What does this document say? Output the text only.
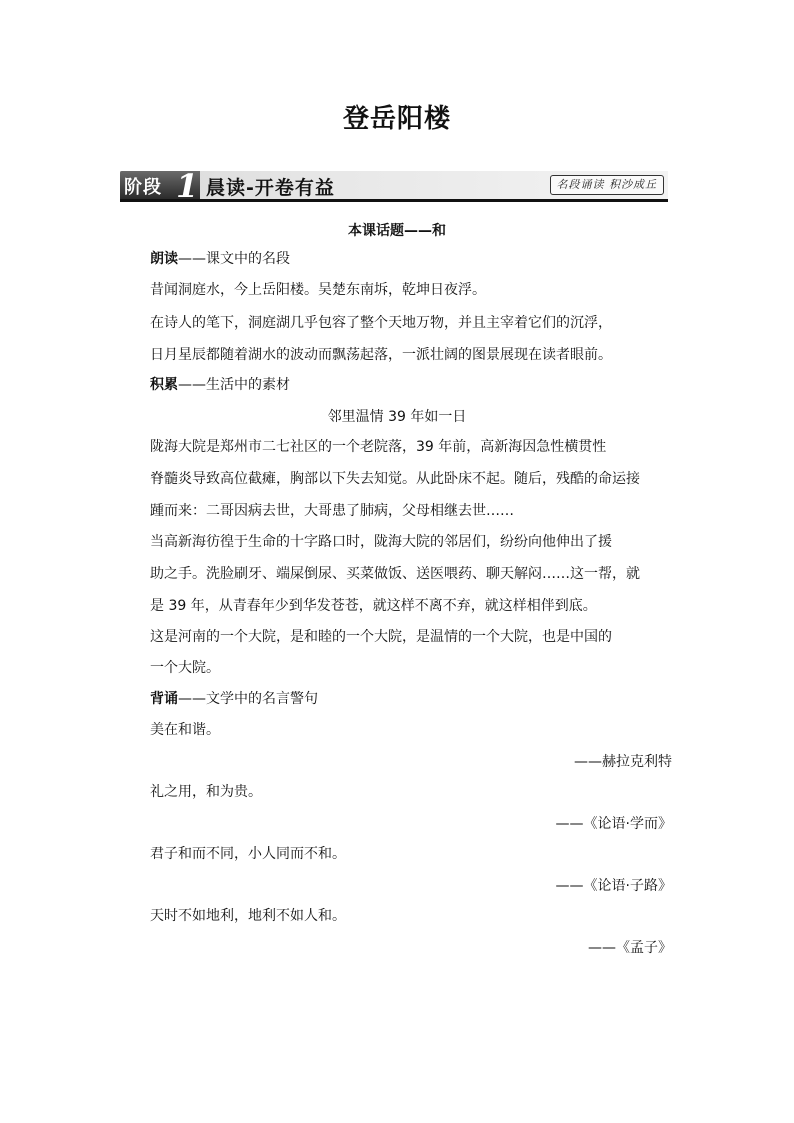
登岳阳楼
阶段 1 晨读-开卷有益	名段诵读 积沙成丘
本课话题——和
朗读——课文中的名段
昔闻洞庭水，今上岳阳楼。吴楚东南坼，乾坤日夜浮。
在诗人的笔下，洞庭湖几乎包容了整个天地万物，并且主宰着它们的沉浮，
日月星辰都随着湖水的波动而飘荡起落，一派壮阔的图景展现在读者眼前。
积累——生活中的素材
邻里温情 39 年如一日
陇海大院是郑州市二七社区的一个老院落，39 年前，高新海因急性横贯性
脊髓炎导致高位截瘫，胸部以下失去知觉。从此卧床不起。随后，残酷的命运接
踵而来：二哥因病去世，大哥患了肺病，父母相继去世……
当高新海彷徨于生命的十字路口时，陇海大院的邻居们，纷纷向他伸出了援
助之手。洗脸刷牙、端屎倒尿、买菜做饭、送医喂药、聊天解闷……这一帮，就
是 39 年，从青春年少到华发苍苍，就这样不离不弃，就这样相伴到底。
这是河南的一个大院，是和睦的一个大院，是温情的一个大院，也是中国的
一个大院。
背诵——文学中的名言警句
美在和谐。
——赫拉克利特
礼之用，和为贵。
——《论语·学而》
君子和而不同，小人同而不和。
——《论语·子路》
天时不如地利，地利不如人和。
——《孟子》
